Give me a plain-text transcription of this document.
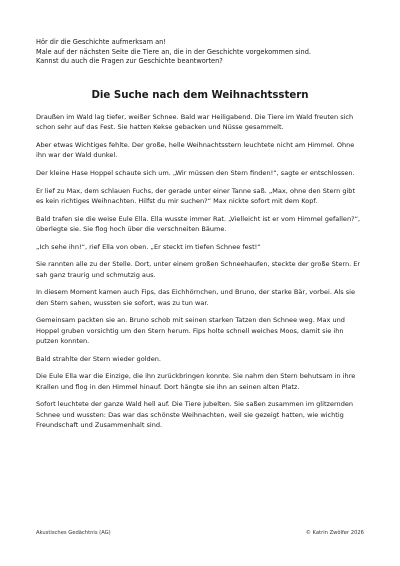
Hör dir die Geschichte aufmerksam an!

Male auf der nächsten Seite die Tiere an, die in der Geschichte vorgekommen sind.

Kannst du auch die Fragen zur Geschichte beantworten?

Die Suche nach dem Weihnachtsstern

Draußen im Wald lag tiefer, weißer Schnee. Bald war Heiligabend. Die Tiere im Wald freuten sich schon sehr auf das Fest. Sie hatten Kekse gebacken und Nüsse gesammelt.

Aber etwas Wichtiges fehlte. Der große, helle Weihnachtsstern leuchtete nicht am Himmel. Ohne ihn war der Wald dunkel.

Der kleine Hase Hoppel schaute sich um. „Wir müssen den Stern finden!“, sagte er entschlossen.

Er lief zu Max, dem schlauen Fuchs, der gerade unter einer Tanne saß. „Max, ohne den Stern gibt es kein richtiges Weihnachten. Hilfst du mir suchen?“ Max nickte sofort mit dem Kopf.

Bald trafen sie die weise Eule Ella. Ella wusste immer Rat. „Vielleicht ist er vom Himmel gefallen?“, überlegte sie. Sie flog hoch über die verschneiten Bäume.

„Ich sehe ihn!“, rief Ella von oben. „Er steckt im tiefen Schnee fest!“

Sie rannten alle zu der Stelle. Dort, unter einem großen Schneehaufen, steckte der große Stern. Er sah ganz traurig und schmutzig aus.

In diesem Moment kamen auch Fips, das Eichhörnchen, und Bruno, der starke Bär, vorbei. Als sie den Stern sahen, wussten sie sofort, was zu tun war.

Gemeinsam packten sie an. Bruno schob mit seinen starken Tatzen den Schnee weg. Max und Hoppel gruben vorsichtig um den Stern herum. Fips holte schnell weiches Moos, damit sie ihn putzen konnten.

Bald strahlte der Stern wieder golden.

Die Eule Ella war die Einzige, die ihn zurückbringen konnte. Sie nahm den Stern behutsam in ihre Krallen und flog in den Himmel hinauf. Dort hängte sie ihn an seinen alten Platz.

Sofort leuchtete der ganze Wald hell auf. Die Tiere jubelten. Sie saßen zusammen im glitzernden Schnee und wussten: Das war das schönste Weihnachten, weil sie gezeigt hatten, wie wichtig Freundschaft und Zusammenhalt sind.

Akustisches Gedächtnis (AG)	© Katrin Zwölfer 2026
